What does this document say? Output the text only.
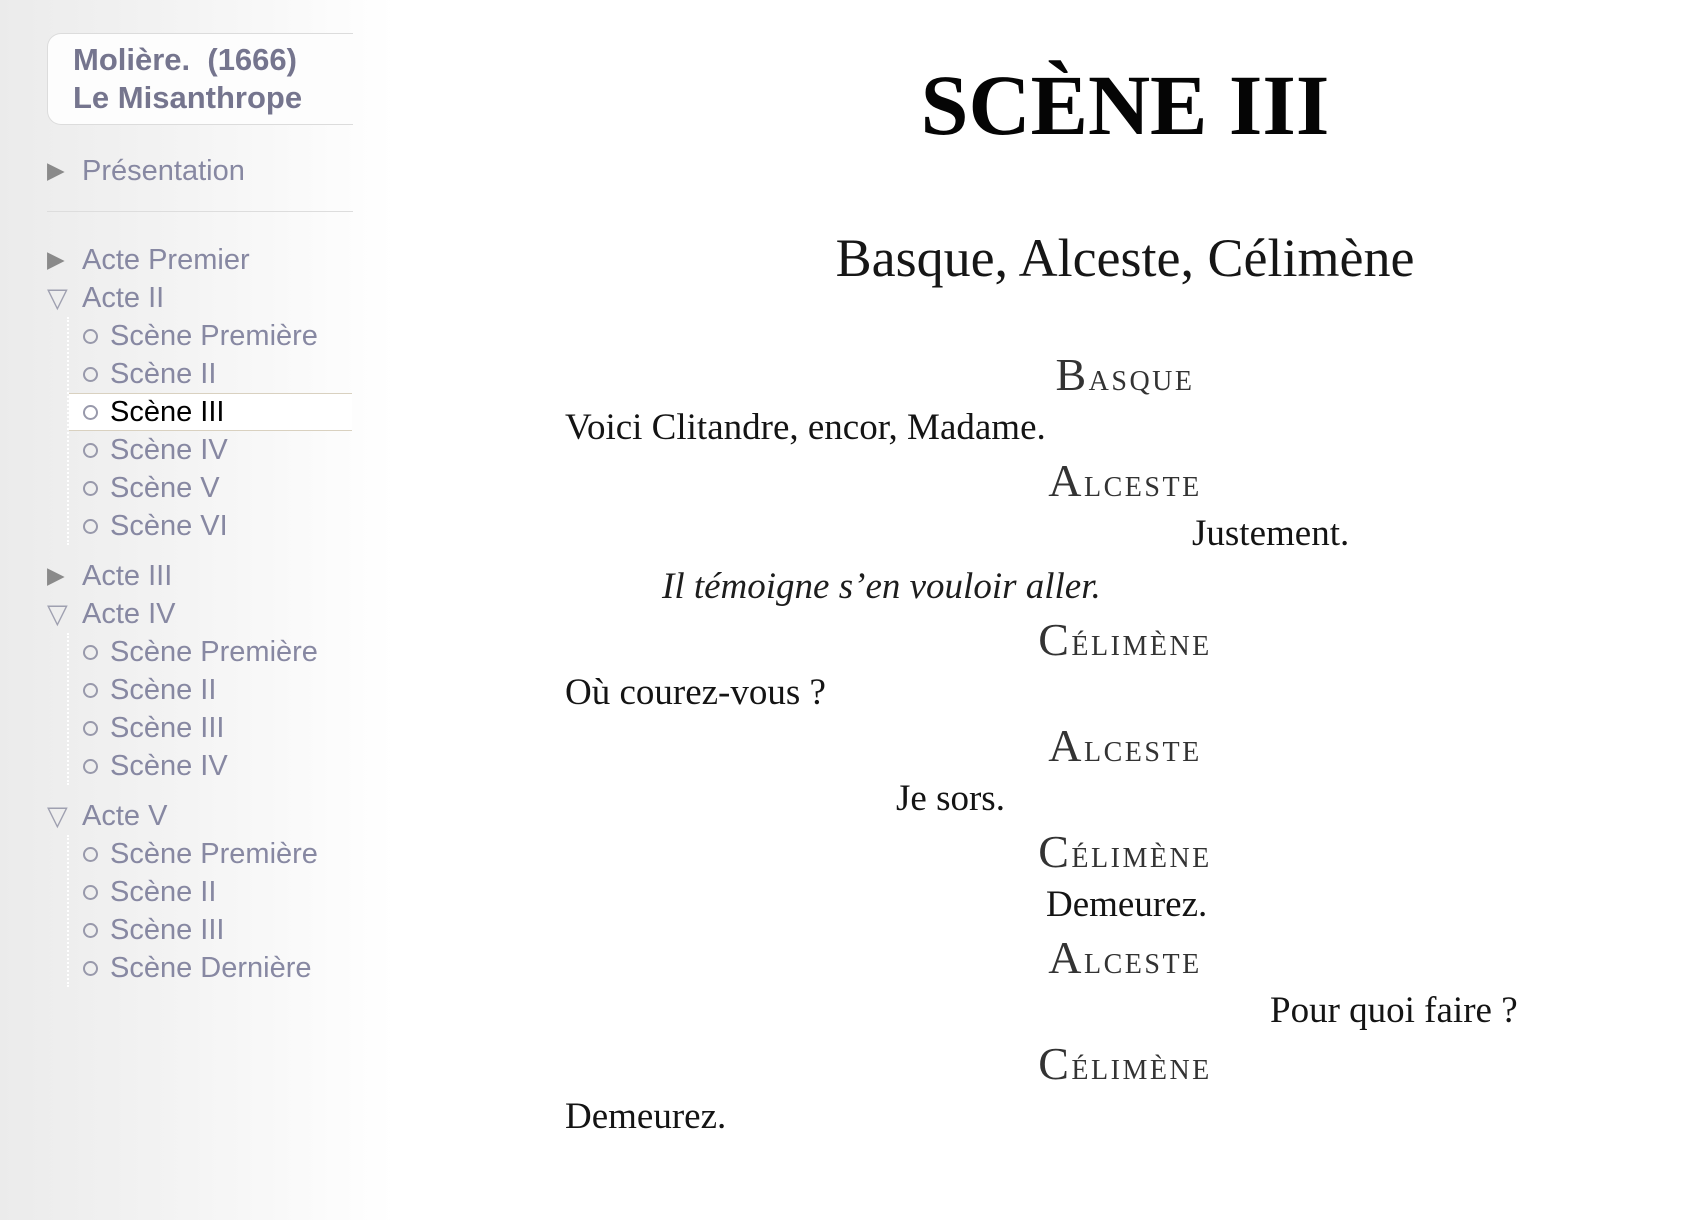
Molière.  (1666)
Le Misanthrope
▶ Présentation
▶ Acte Premier
▽ Acte II
Scène Première
Scène II
Scène III
Scène IV
Scène V
Scène VI
▶ Acte III
▽ Acte IV
Scène Première
Scène II
Scène III
Scène IV
▽ Acte V
Scène Première
Scène II
Scène III
Scène Dernière
SCÈNE III
Basque, Alceste, Célimène
BASQUE
Voici Clitandre, encor, Madame.
ALCESTE
Justement.
Il témoigne s’en vouloir aller.
CÉLIMÈNE
Où courez-vous ?
ALCESTE
Je sors.
CÉLIMÈNE
Demeurez.
ALCESTE
Pour quoi faire ?
CÉLIMÈNE
Demeurez.
